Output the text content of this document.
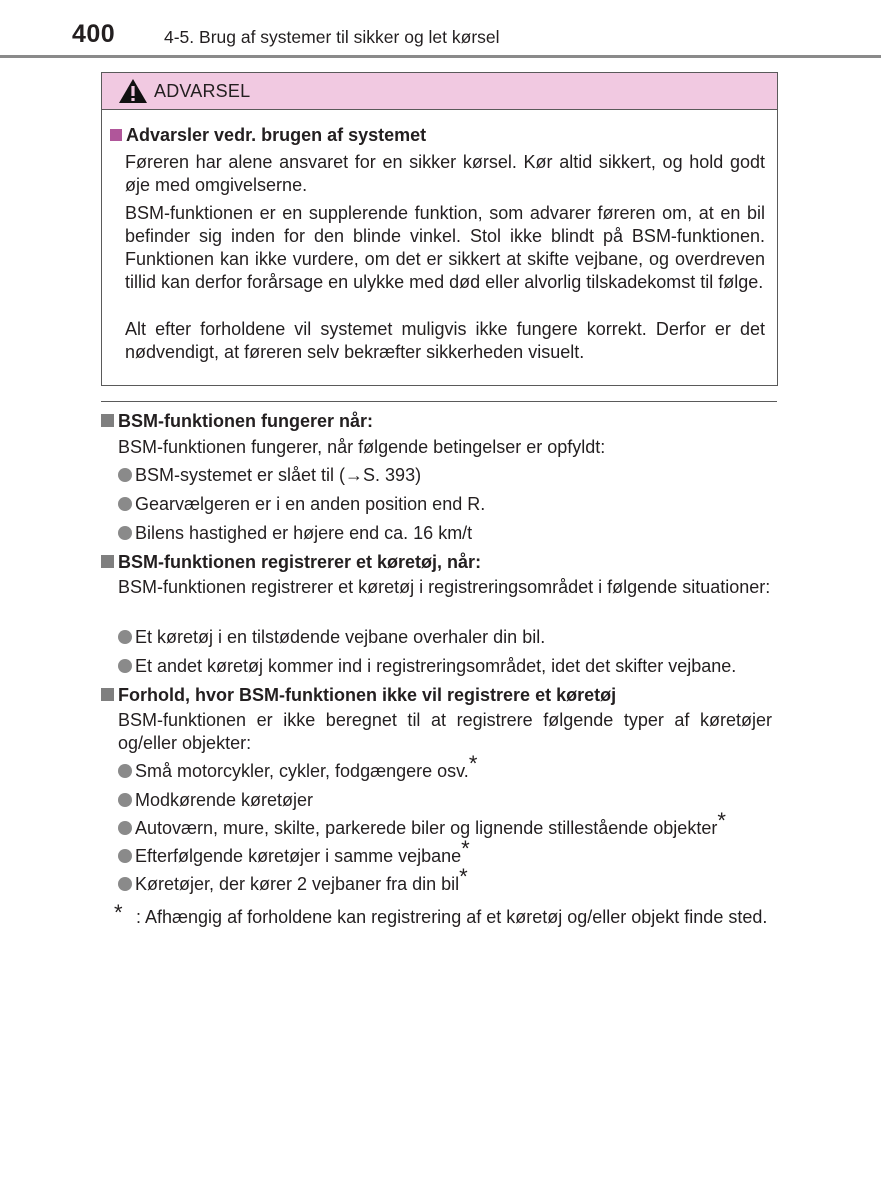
400	4-5. Brug af systemer til sikker og let kørsel
ADVARSEL
Advarsler vedr. brugen af systemet
Føreren har alene ansvaret for en sikker kørsel. Kør altid sikkert, og hold godt øje med omgivelserne.
BSM-funktionen er en supplerende funktion, som advarer føreren om, at en bil befinder sig inden for den blinde vinkel. Stol ikke blindt på BSM-funktionen. Funktionen kan ikke vurdere, om det er sikkert at skifte vejbane, og overdreven tillid kan derfor forårsage en ulykke med død eller alvorlig tilskadekomst til følge.
Alt efter forholdene vil systemet muligvis ikke fungere korrekt. Derfor er det nødvendigt, at føreren selv bekræfter sikkerheden visuelt.
BSM-funktionen fungerer når:
BSM-funktionen fungerer, når følgende betingelser er opfyldt:
BSM-systemet er slået til (→S. 393)
Gearvælgeren er i en anden position end R.
Bilens hastighed er højere end ca. 16 km/t
BSM-funktionen registrerer et køretøj, når:
BSM-funktionen registrerer et køretøj i registreringsområdet i følgende situationer:
Et køretøj i en tilstødende vejbane overhaler din bil.
Et andet køretøj kommer ind i registreringsområdet, idet det skifter vejbane.
Forhold, hvor BSM-funktionen ikke vil registrere et køretøj
BSM-funktionen er ikke beregnet til at registrere følgende typer af køretøjer og/eller objekter:
Små motorcykler, cykler, fodgængere osv.*
Modkørende køretøjer
Autoværn, mure, skilte, parkerede biler og lignende stillestående objekter*
Efterfølgende køretøjer i samme vejbane*
Køretøjer, der kører 2 vejbaner fra din bil*
* : Afhængig af forholdene kan registrering af et køretøj og/eller objekt finde sted.
